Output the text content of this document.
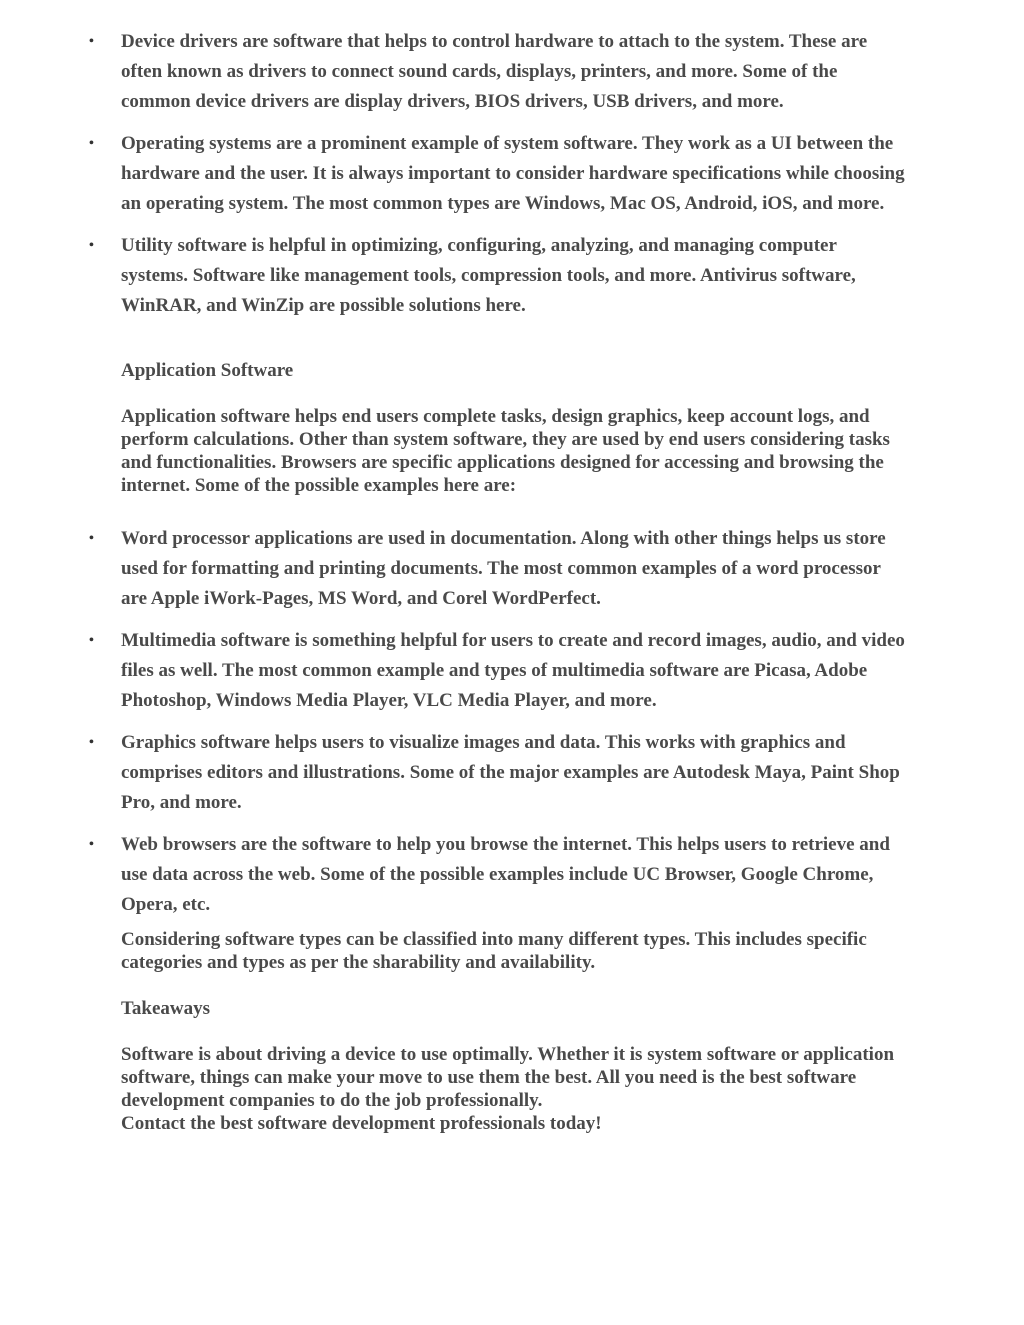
• Device drivers are software that helps to control hardware to attach to the system. These are often known as drivers to connect sound cards, displays, printers, and more. Some of the common device drivers are display drivers, BIOS drivers, USB drivers, and more.
• Operating systems are a prominent example of system software. They work as a UI between the hardware and the user. It is always important to consider hardware specifications while choosing an operating system. The most common types are Windows, Mac OS, Android, iOS, and more.
• Utility software is helpful in optimizing, configuring, analyzing, and managing computer systems. Software like management tools, compression tools, and more. Antivirus software, WinRAR, and WinZip are possible solutions here.

Application Software

Application software helps end users complete tasks, design graphics, keep account logs, and perform calculations. Other than system software, they are used by end users considering tasks and functionalities. Browsers are specific applications designed for accessing and browsing the internet. Some of the possible examples here are:

• Word processor applications are used in documentation. Along with other things helps us store used for formatting and printing documents. The most common examples of a word processor are Apple iWork-Pages, MS Word, and Corel WordPerfect.
• Multimedia software is something helpful for users to create and record images, audio, and video files as well. The most common example and types of multimedia software are Picasa, Adobe Photoshop, Windows Media Player, VLC Media Player, and more.
• Graphics software helps users to visualize images and data. This works with graphics and comprises editors and illustrations. Some of the major examples are Autodesk Maya, Paint Shop Pro, and more.
• Web browsers are the software to help you browse the internet. This helps users to retrieve and use data across the web. Some of the possible examples include UC Browser, Google Chrome, Opera, etc.

Considering software types can be classified into many different types. This includes specific categories and types as per the sharability and availability.

Takeaways

Software is about driving a device to use optimally. Whether it is system software or application software, things can make your move to use them the best. All you need is the best software development companies to do the job professionally.

Contact the best software development professionals today!
